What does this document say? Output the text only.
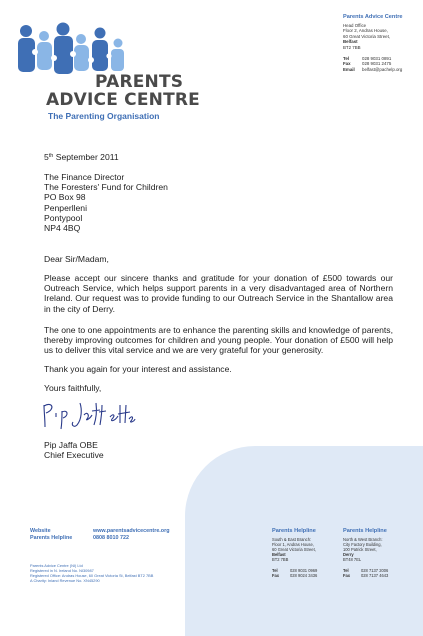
PARENTS
ADVICE CENTRE
The Parenting Organisation
Parents Advice Centre
Head Office
Floor 2, Andras House,
60 Great Victoria Street,
Belfast
BT2 7BB
Tel	028 9031 0891
Fax	028 9031 2475
Email	belfast@pachelp.org
5th September 2011
The Finance Director
The Foresters' Fund for Children
PO Box 98
Penperlleni
Pontypool
NP4 4BQ
Dear Sir/Madam,
Please accept our sincere thanks and gratitude for your donation of £500 towards our Outreach Service, which helps support parents in a very disadvantaged area of Northern Ireland. Our request was to provide funding to our Outreach Service in the Shantallow area in the city of Derry.
The one to one appointments are to enhance the parenting skills and knowledge of parents, thereby improving outcomes for children and young people. Your donation of £500 will help us to deliver this vital service and we are very grateful for your generosity.
Thank you again for your interest and assistance.
Yours faithfully,
Pip Jaffa OBE
Chief Executive
Website	www.parentsadvicecentre.org
Parents Helpline	0808 8010 722
Parents Advice Centre (NI) Ltd
Registered in N. Ireland No. NI30987
Registered Office: Andras House, 60 Great Victoria St, Belfast BT2 7BB
A Charity: Inland Revenue No. XN45290
Parents Helpline
South & East Branch:
Floor 1, Andras House,
60 Great Victoria Street,
Belfast
BT2 7BB
Tel	028 9031 0969
Fax	028 9024 3436
Parents Helpline
North & West Branch:
City Factory Building,
100 Patrick Street,
Derry
BT48 7EL
Tel	028 7137 2006
Fax	028 7137 4643
